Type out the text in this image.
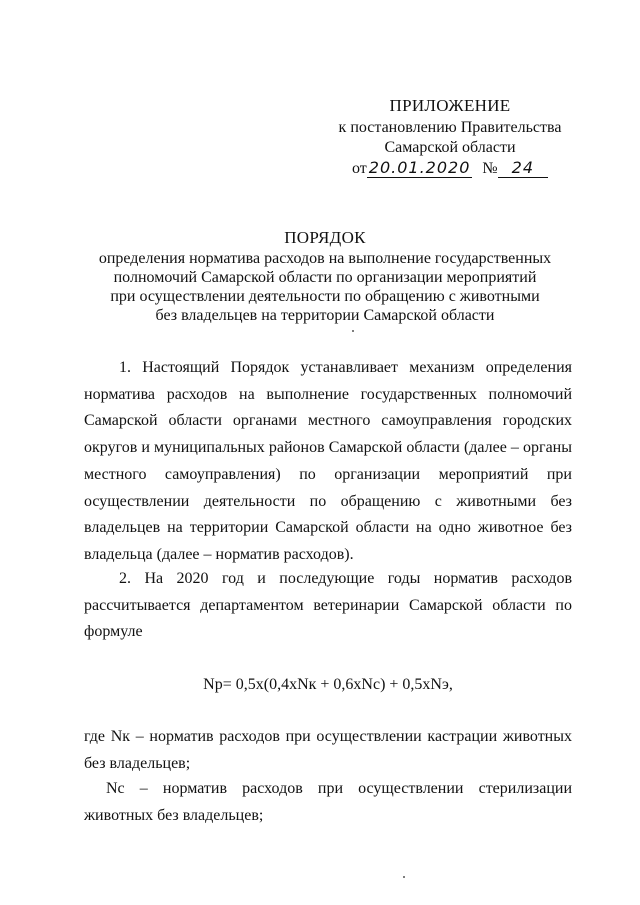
ПРИЛОЖЕНИЕ
к постановлению Правительства
Самарской области
от 20.01.2020 № 24
ПОРЯДОК
определения норматива расходов на выполнение государственных
полномочий Самарской области по организации мероприятий
при осуществлении деятельности по обращению с животными
без владельцев на территории Самарской области
1. Настоящий Порядок устанавливает механизм определения норматива расходов на выполнение государственных полномочий Самарской области органами местного самоуправления городских округов и муниципальных районов Самарской области (далее – органы местного самоуправления) по организации мероприятий при осуществлении деятельности по обращению с животными без владельцев на территории Самарской области на одно животное без владельца (далее – норматив расходов).
2. На 2020 год и последующие годы норматив расходов рассчитывается департаментом ветеринарии Самарской области по формуле
Nр= 0,5x(0,4xNк + 0,6xNс) + 0,5xNэ,
где Nк – норматив расходов при осуществлении кастрации животных без владельцев;
Nс – норматив расходов при осуществлении стерилизации животных без владельцев;
